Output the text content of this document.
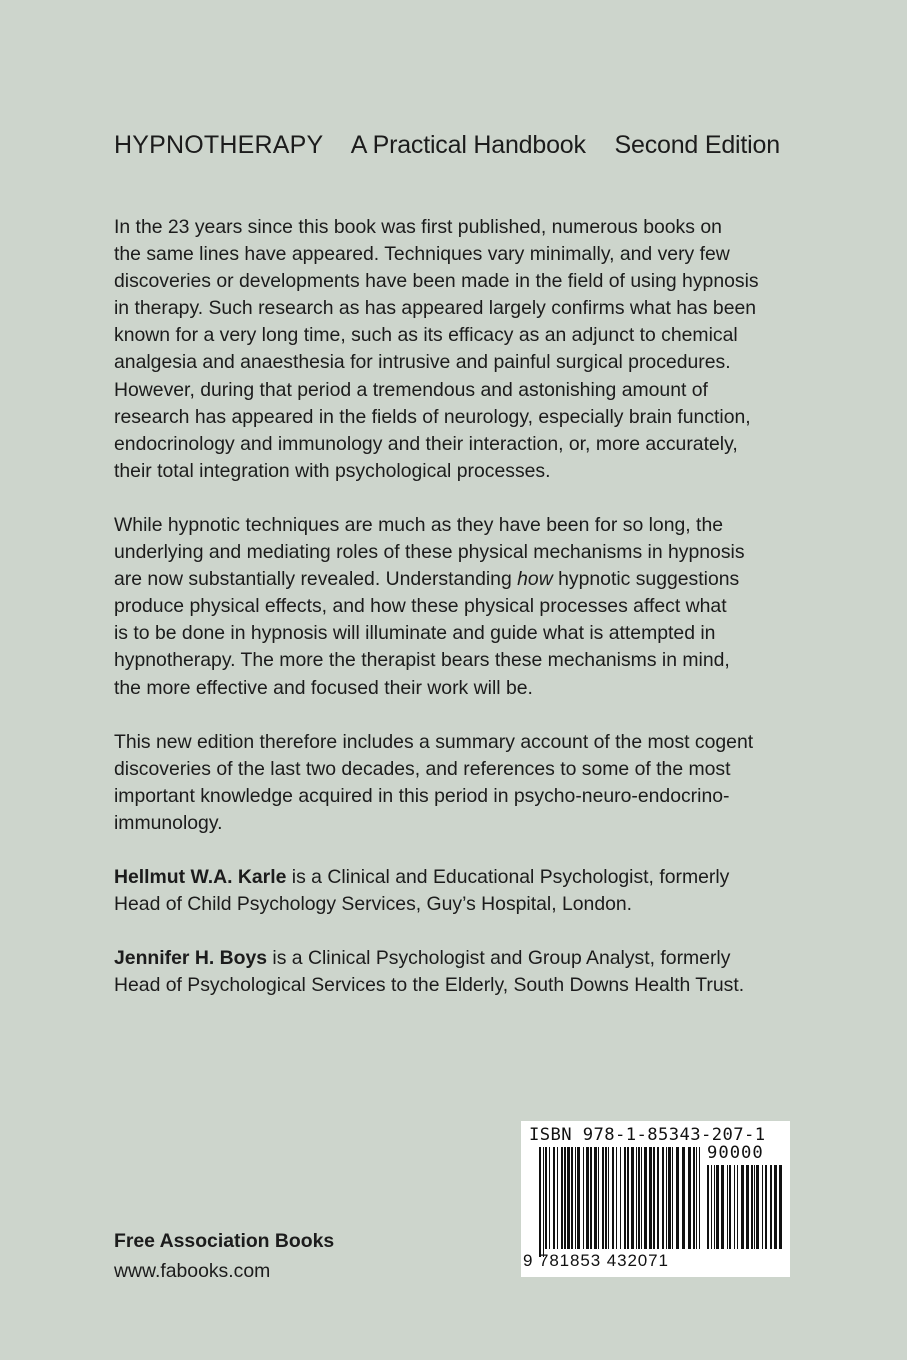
HYPNOTHERAPY A Practical Handbook Second Edition

In the 23 years since this book was first published, numerous books on
the same lines have appeared. Techniques vary minimally, and very few
discoveries or developments have been made in the field of using hypnosis
in therapy. Such research as has appeared largely confirms what has been
known for a very long time, such as its efficacy as an adjunct to chemical
analgesia and anaesthesia for intrusive and painful surgical procedures.
However, during that period a tremendous and astonishing amount of
research has appeared in the fields of neurology, especially brain function,
endocrinology and immunology and their interaction, or, more accurately,
their total integration with psychological processes.

While hypnotic techniques are much as they have been for so long, the
underlying and mediating roles of these physical mechanisms in hypnosis
are now substantially revealed. Understanding how hypnotic suggestions
produce physical effects, and how these physical processes affect what
is to be done in hypnosis will illuminate and guide what is attempted in
hypnotherapy. The more the therapist bears these mechanisms in mind,
the more effective and focused their work will be.

This new edition therefore includes a summary account of the most cogent
discoveries of the last two decades, and references to some of the most
important knowledge acquired in this period in psycho-neuro-endocrino-
immunology.

Hellmut W.A. Karle is a Clinical and Educational Psychologist, formerly
Head of Child Psychology Services, Guy’s Hospital, London.

Jennifer H. Boys is a Clinical Psychologist and Group Analyst, formerly
Head of Psychological Services to the Elderly, South Downs Health Trust.

Free Association Books
www.fabooks.com
ISBN 978-1-85343-207-1
90000
9 781853 432071
